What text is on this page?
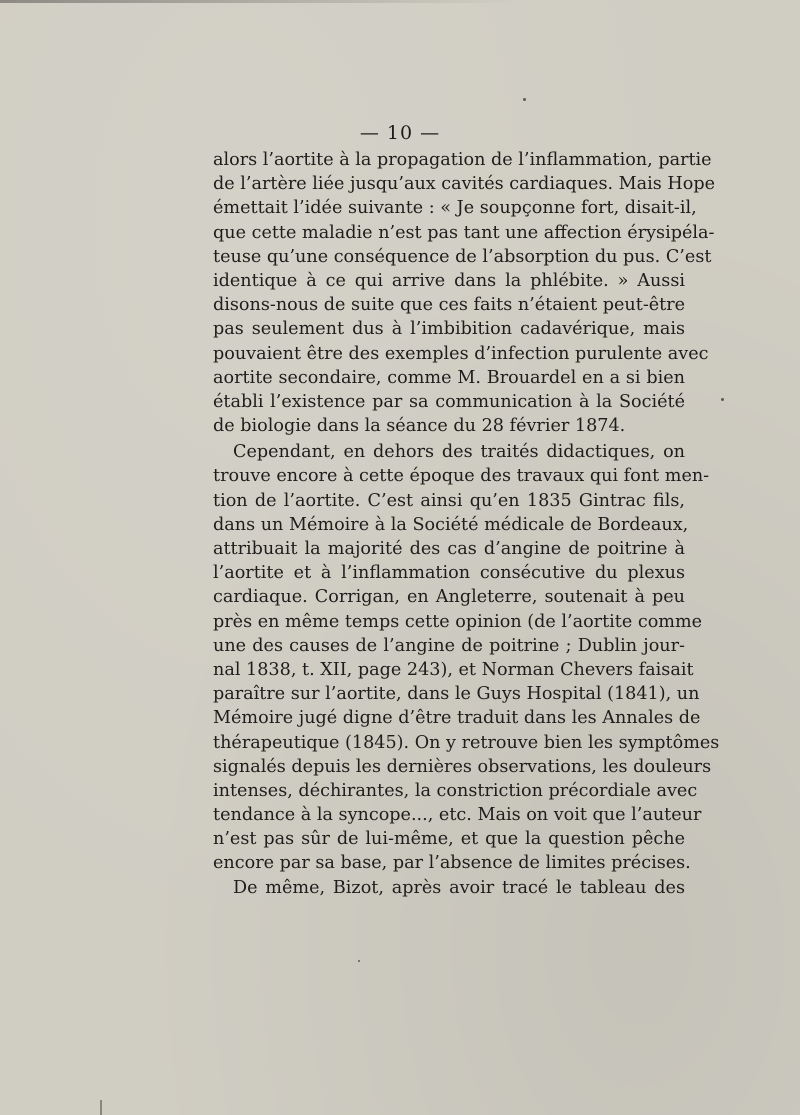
— 10 —
alors l’aortite à la propagation de l’inflammation, partie
de l’artère liée jusqu’aux cavités cardiaques. Mais Hope
émettait l’idée suivante : « Je soupçonne fort, disait-il,
que cette maladie n’est pas tant une affection érysipéla-
teuse qu’une conséquence de l’absorption du pus. C’est
identique à ce qui arrive dans la phlébite. » Aussi
disons-nous de suite que ces faits n’étaient peut-être
pas seulement dus à l’imbibition cadavérique, mais
pouvaient être des exemples d’infection purulente avec
aortite secondaire, comme M. Brouardel en a si bien
établi l’existence par sa communication à la Société
de biologie dans la séance du 28 février 1874.
Cependant, en dehors des traités didactiques, on
trouve encore à cette époque des travaux qui font men-
tion de l’aortite. C’est ainsi qu’en 1835 Gintrac fils,
dans un Mémoire à la Société médicale de Bordeaux,
attribuait la majorité des cas d’angine de poitrine à
l’aortite et à l’inflammation consécutive du plexus
cardiaque. Corrigan, en Angleterre, soutenait à peu
près en même temps cette opinion (de l’aortite comme
une des causes de l’angine de poitrine ; Dublin jour-
nal 1838, t. XII, page 243), et Norman Chevers faisait
paraître sur l’aortite, dans le Guys Hospital (1841), un
Mémoire jugé digne d’être traduit dans les Annales de
thérapeutique (1845). On y retrouve bien les symptômes
signalés depuis les dernières observations, les douleurs
intenses, déchirantes, la constriction précordiale avec
tendance à la syncope..., etc. Mais on voit que l’auteur
n’est pas sûr de lui-même, et que la question pêche
encore par sa base, par l’absence de limites précises.
De même, Bizot, après avoir tracé le tableau des
